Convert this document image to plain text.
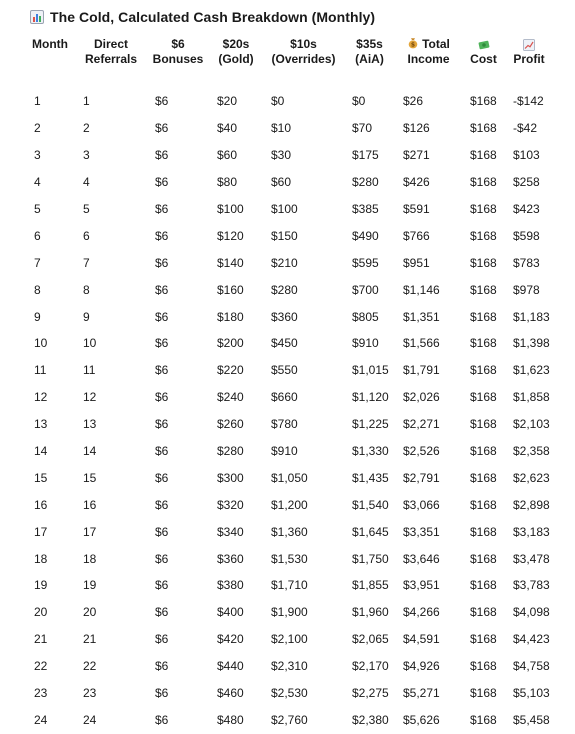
The Cold, Calculated Cash Breakdown (Monthly)
Month	Direct Referrals	$6 Bonuses	$20s (Gold)	$10s (Overrides)	$35s (AiA)	$ Total Income	Cost	Profit
1	1	$6	$20	$0	$0	$26	$168	-$142
2	2	$6	$40	$10	$70	$126	$168	-$42
3	3	$6	$60	$30	$175	$271	$168	$103
4	4	$6	$80	$60	$280	$426	$168	$258
5	5	$6	$100	$100	$385	$591	$168	$423
6	6	$6	$120	$150	$490	$766	$168	$598
7	7	$6	$140	$210	$595	$951	$168	$783
8	8	$6	$160	$280	$700	$1,146	$168	$978
9	9	$6	$180	$360	$805	$1,351	$168	$1,183
10	10	$6	$200	$450	$910	$1,566	$168	$1,398
11	11	$6	$220	$550	$1,015	$1,791	$168	$1,623
12	12	$6	$240	$660	$1,120	$2,026	$168	$1,858
13	13	$6	$260	$780	$1,225	$2,271	$168	$2,103
14	14	$6	$280	$910	$1,330	$2,526	$168	$2,358
15	15	$6	$300	$1,050	$1,435	$2,791	$168	$2,623
16	16	$6	$320	$1,200	$1,540	$3,066	$168	$2,898
17	17	$6	$340	$1,360	$1,645	$3,351	$168	$3,183
18	18	$6	$360	$1,530	$1,750	$3,646	$168	$3,478
19	19	$6	$380	$1,710	$1,855	$3,951	$168	$3,783
20	20	$6	$400	$1,900	$1,960	$4,266	$168	$4,098
21	21	$6	$420	$2,100	$2,065	$4,591	$168	$4,423
22	22	$6	$440	$2,310	$2,170	$4,926	$168	$4,758
23	23	$6	$460	$2,530	$2,275	$5,271	$168	$5,103
24	24	$6	$480	$2,760	$2,380	$5,626	$168	$5,458
